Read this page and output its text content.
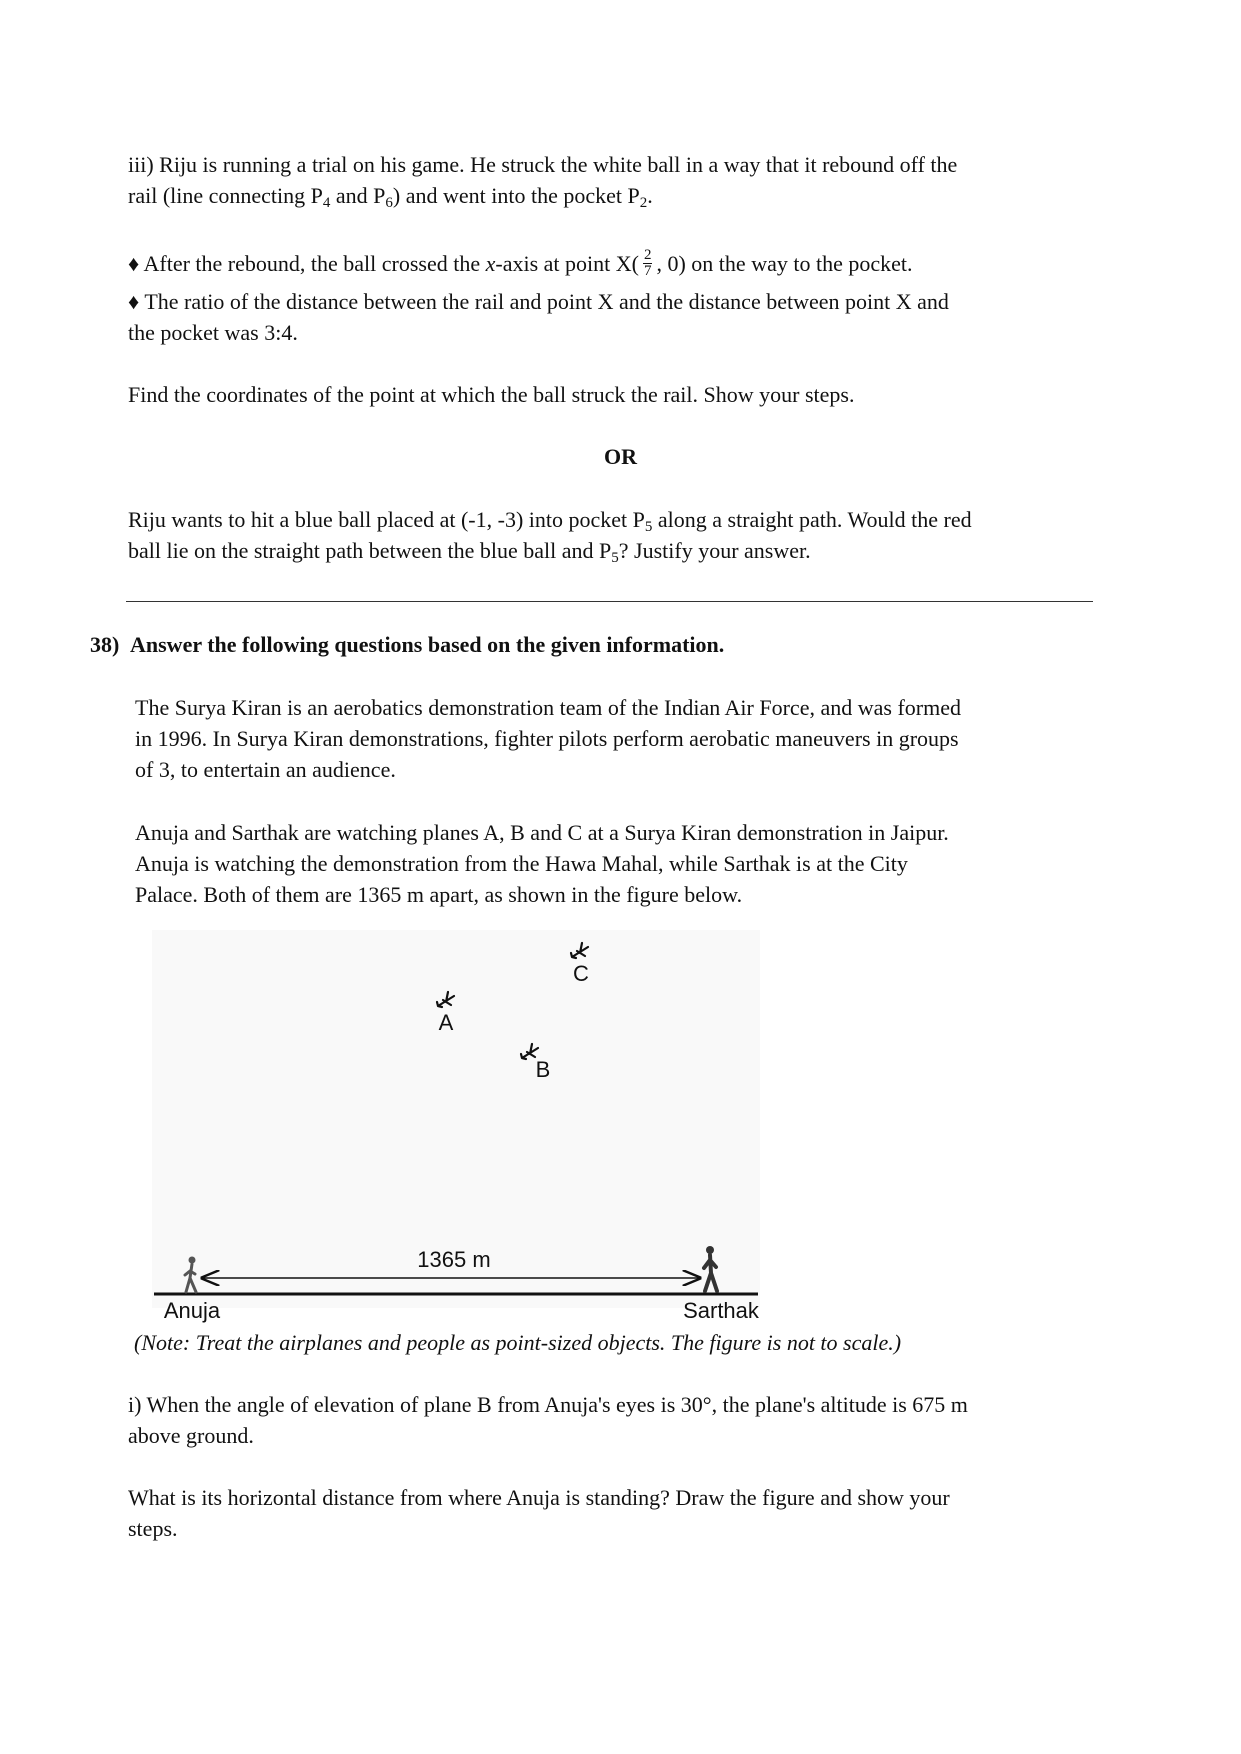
iii) Riju is running a trial on his game. He struck the white ball in a way that it rebound off the

rail (line connecting $P_4$ and $P_6$) and went into the pocket $P_2$.

♦ After the rebound, the ball crossed the x-axis at point $X( \frac{2}{7}$ , 0) on the way to the pocket.

♦ The ratio of the distance between the rail and point X and the distance between point X and

the pocket was 3:4.

Find the coordinates of the point at which the ball struck the rail. Show your steps.

OR

Riju wants to hit a blue ball placed at (-1, -3) into pocket $P_5$ along a straight path. Would the red

ball lie on the straight path between the blue ball and $P_5$? Justify your answer.

38) Answer the following questions based on the given information.

The Surya Kiran is an aerobatics demonstration team of the Indian Air Force, and was formed

in 1996. In Surya Kiran demonstrations, fighter pilots perform aerobatic maneuvers in groups

of 3, to entertain an audience.

Anuja and Sarthak are watching planes A, B and C at a Surya Kiran demonstration in Jaipur.

Anuja is watching the demonstration from the Hawa Mahal, while Sarthak is at the City

Palace. Both of them are 1365 m apart, as shown in the figure below.

C
A
B
1365 m
Anuja	Sarthak

(Note: Treat the airplanes and people as point-sized objects. The figure is not to scale.)

i) When the angle of elevation of plane B from Anuja's eyes is 30°, the plane's altitude is 675 m

above ground.

What is its horizontal distance from where Anuja is standing? Draw the figure and show your

steps.
